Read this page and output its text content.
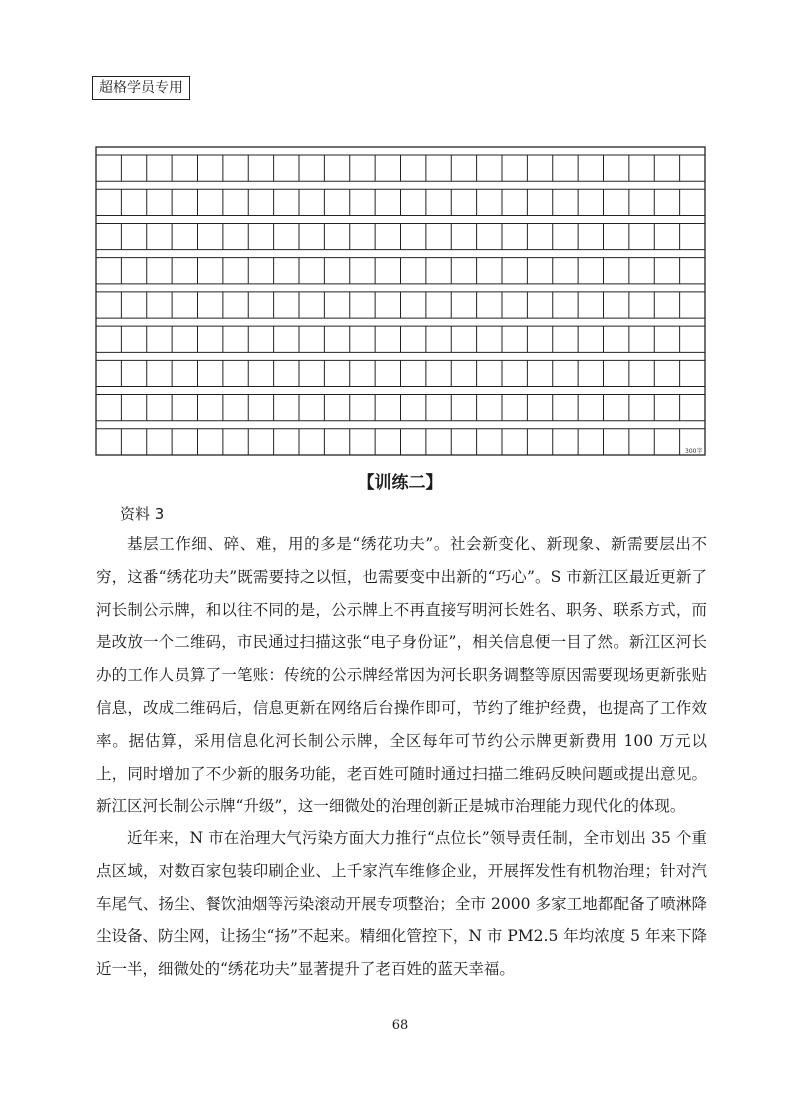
超格学员专用
300字
【训练二】
资料 3

基层工作细、碎、难，用的多是“绣花功夫”。社会新变化、新现象、新需要层出不穷，这番“绣花功夫”既需要持之以恒，也需要变中出新的“巧心”。S 市新江区最近更新了河长制公示牌，和以往不同的是，公示牌上不再直接写明河长姓名、职务、联系方式，而是改放一个二维码，市民通过扫描这张“电子身份证”，相关信息便一目了然。新江区河长办的工作人员算了一笔账：传统的公示牌经常因为河长职务调整等原因需要现场更新张贴信息，改成二维码后，信息更新在网络后台操作即可，节约了维护经费，也提高了工作效率。据估算，采用信息化河长制公示牌，全区每年可节约公示牌更新费用 100 万元以上，同时增加了不少新的服务功能，老百姓可随时通过扫描二维码反映问题或提出意见。新江区河长制公示牌“升级”，这一细微处的治理创新正是城市治理能力现代化的体现。

近年来，N 市在治理大气污染方面大力推行“点位长”领导责任制，全市划出 35 个重点区域，对数百家包装印刷企业、上千家汽车维修企业，开展挥发性有机物治理；针对汽车尾气、扬尘、餐饮油烟等污染滚动开展专项整治；全市 2000 多家工地都配备了喷淋降尘设备、防尘网，让扬尘“扬”不起来。精细化管控下，N 市 PM2.5 年均浓度 5 年来下降近一半，细微处的“绣花功夫”显著提升了老百姓的蓝天幸福。

68
